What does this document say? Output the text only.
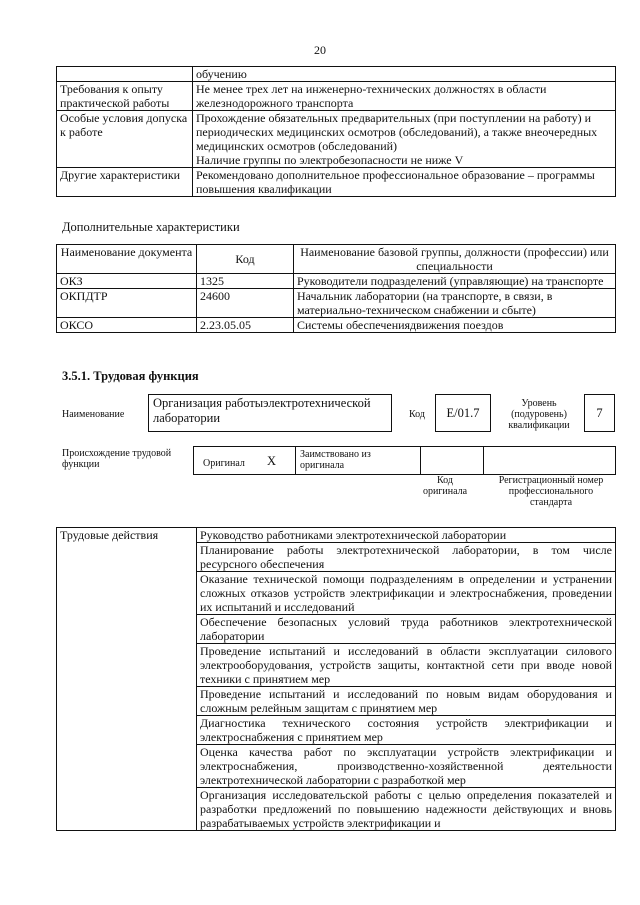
20
	обучению
Требования к опыту практической работы	Не менее трех лет на инженерно-технических должностях в области железнодорожного транспорта
Особые условия допуска к работе	Прохождение обязательных предварительных (при поступлении на работу) и периодических медицинских осмотров (обследований), а также внеочередных медицинских осмотров (обследований)
Наличие группы по электробезопасности не ниже V

Другие характеристики	Рекомендовано дополнительное профессиональное образование – программы повышения квалификации
Дополнительные характеристики
Наименование документа	Код	Наименование базовой группы, должности (профессии) или специальности
ОКЗ	1325	Руководители подразделений (управляющие) на транспорте
ОКПДТР	24600	Начальник лаборатории (на транспорте, в связи, в материально-техническом снабжении и сбыте)
ОКСО	2.23.05.05	Системы обеспечениядвижения поездов
3.5.1. Трудовая функция
Наименование
Организация работыэлектротехнической лаборатории	Код E/01.7
Уровень (подуровень) квалификации
7
Происхождение трудовой функции	Оригинал X Заимствовано из оригинала
Код оригинала
Регистрационный номер профессионального стандарта
Трудовые действия	Руководство работниками электротехнической лаборатории
Планирование работы электротехнической лаборатории, в том числе ресурсного обеспечения
Оказание технической помощи подразделениям в определении и устранении сложных отказов устройств электрификации и электроснабжения, проведении их испытаний и исследований
Обеспечение безопасных условий труда работников электротехнической лаборатории
Проведение испытаний и исследований в области эксплуатации силового электрооборудования, устройств защиты, контактной сети при вводе новой техники с принятием мер
Проведение испытаний и исследований по новым видам оборудования и сложным релейным защитам с принятием мер
Диагностика технического состояния устройств электрификации и электроснабжения с принятием мер
Оценка качества работ по эксплуатации устройств электрификации и электроснабжения, производственно-хозяйственной деятельности электротехнической лаборатории с разработкой мер
Организация исследовательской работы с целью определения показателей и разработки предложений по повышению надежности действующих и вновь разрабатываемых устройств электрификации и
